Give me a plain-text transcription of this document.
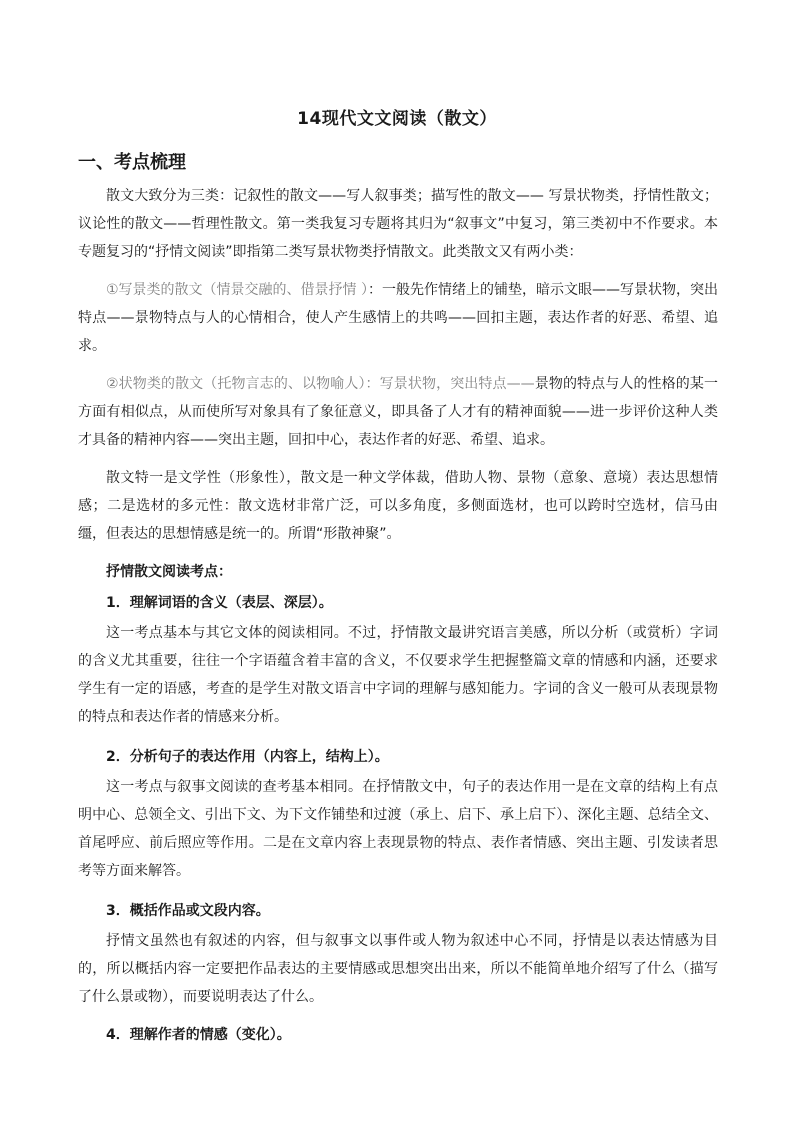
14现代文文阅读（散文）
一、考点梳理

散文大致分为三类：记叙性的散文——写人叙事类；描写性的散文—— 写景状物类，抒情性散文；议论性的散文——哲理性散文。第一类我复习专题将其归为“叙事文”中复习，第三类初中不作要求。本专题复习的“抒情文阅读”即指第二类写景状物类抒情散文。此类散文又有两小类：

①写景类的散文（情景交融的、借景抒情 ）：一般先作情绪上的铺垫，暗示文眼——写景状物，突出特点——景物特点与人的心情相合，使人产生感情上的共鸣——回扣主题，表达作者的好恶、希望、追求。

②状物类的散文（托物言志的、以物喻人）：写景状物，突出特点——景物的特点与人的性格的某一方面有相似点，从而使所写对象具有了象征意义，即具备了人才有的精神面貌——进一步评价这种人类才具备的精神内容——突出主题，回扣中心，表达作者的好恶、希望、追求。

散文特一是文学性（形象性），散文是一种文学体裁，借助人物、景物（意象、意境）表达思想情感；二是选材的多元性：散文选材非常广泛，可以多角度，多侧面选材，也可以跨时空选材，信马由缰，但表达的思想情感是统一的。所谓“形散神聚”。

抒情散文阅读考点：

1．理解词语的含义（表层、深层）。

这一考点基本与其它文体的阅读相同。不过，抒情散文最讲究语言美感，所以分析（或赏析）字词的含义尤其重要，往往一个字语蕴含着丰富的含义，不仅要求学生把握整篇文章的情感和内涵，还要求学生有一定的语感，考查的是学生对散文语言中字词的理解与感知能力。字词的含义一般可从表现景物的特点和表达作者的情感来分析。

2．分析句子的表达作用（内容上，结构上）。

这一考点与叙事文阅读的查考基本相同。在抒情散文中，句子的表达作用一是在文章的结构上有点明中心、总领全文、引出下文、为下文作铺垫和过渡（承上、启下、承上启下）、深化主题、总结全文、首尾呼应、前后照应等作用。二是在文章内容上表现景物的特点、表作者情感、突出主题、引发读者思考等方面来解答。

3．概括作品或文段内容。

抒情文虽然也有叙述的内容，但与叙事文以事件或人物为叙述中心不同，抒情是以表达情感为目的，所以概括内容一定要把作品表达的主要情感或思想突出出来，所以不能简单地介绍写了什么（描写了什么景或物），而要说明表达了什么。

4．理解作者的情感（变化）。
